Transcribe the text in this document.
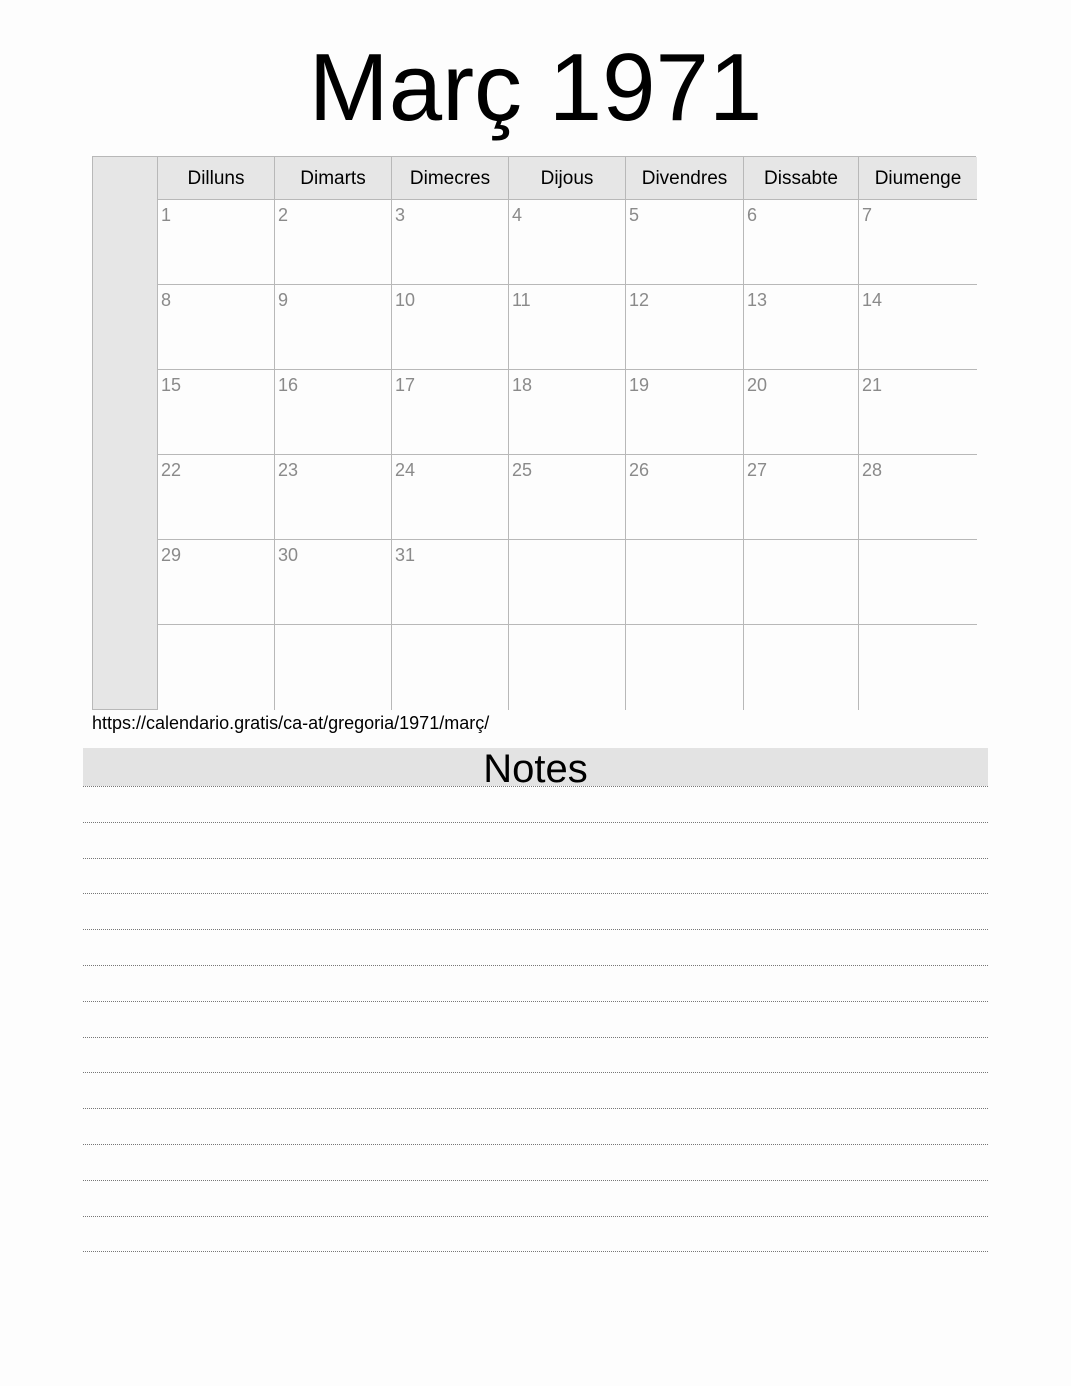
Març 1971
Dilluns	Dimarts	Dimecres	Dijous	Divendres	Dissabte	Diumenge
1	2	3	4	5	6	7
8	9	10	11	12	13	14
15	16	17	18	19	20	21
22	23	24	25	26	27	28
29	30	31
https://calendario.gratis/ca-at/gregoria/1971/març/
Notes
